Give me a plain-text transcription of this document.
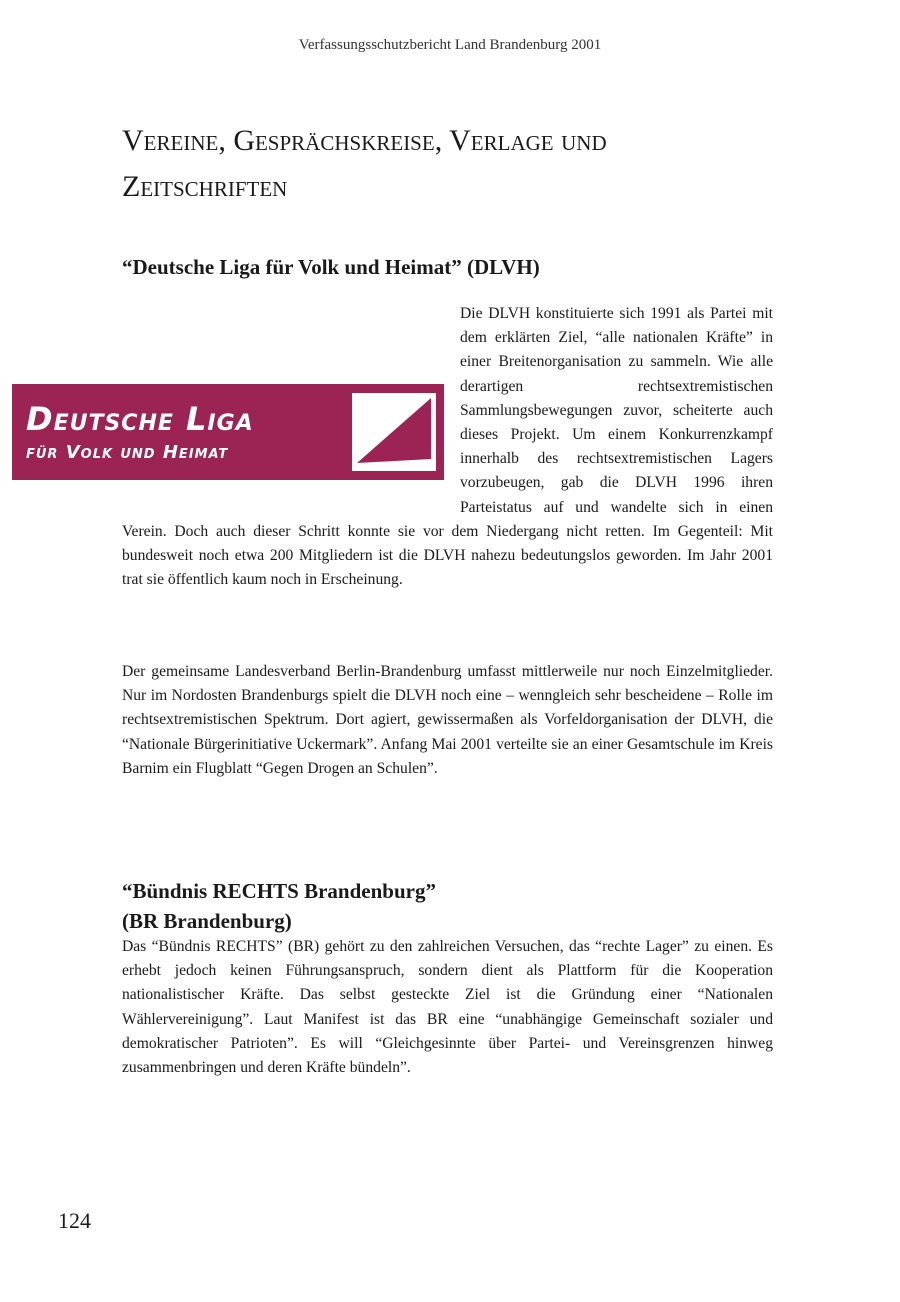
Verfassungsschutzbericht Land Brandenburg 2001
Vereine, Gesprächskreise, Verlage und
Zeitschriften
“Deutsche Liga für Volk und Heimat” (DLVH)
Die DLVH konstituierte sich 1991 als Partei mit dem erklärten Ziel, “alle nationalen Kräfte” in einer Breitenorganisation zu sammeln. Wie alle derartigen rechtsextremistischen Sammlungsbewegungen zuvor, scheiterte auch dieses Projekt. Um einem Konkurrenzkampf innerhalb des rechtsextremistischen Lagers vorzubeugen, gab die DLVH 1996 ihren Parteistatus auf und wandelte sich in einen Verein. Doch auch dieser Schritt konnte sie vor dem Niedergang nicht retten. Im Gegenteil: Mit bundesweit noch etwa 200 Mitgliedern ist die DLVH nahezu bedeutungslos geworden. Im Jahr 2001 trat sie öffentlich kaum noch in Erscheinung.
Deutsche Liga
für Volk und Heimat

Der gemeinsame Landesverband Berlin-Brandenburg umfasst mittlerweile nur noch Einzelmitglieder. Nur im Nordosten Brandenburgs spielt die DLVH noch eine – wenngleich sehr bescheidene – Rolle im rechtsextremistischen Spektrum. Dort agiert, gewissermaßen als Vorfeldorganisation der DLVH, die “Nationale Bürgerinitiative Uckermark”. Anfang Mai 2001 verteilte sie an einer Gesamtschule im Kreis Barnim ein Flugblatt “Gegen Drogen an Schulen”.

“Bündnis RECHTS Brandenburg”
(BR Brandenburg)

Das “Bündnis RECHTS” (BR) gehört zu den zahlreichen Versuchen, das “rechte Lager” zu einen. Es erhebt jedoch keinen Führungsanspruch, sondern dient als Plattform für die Kooperation nationalistischer Kräfte. Das selbst gesteckte Ziel ist die Gründung einer “Nationalen Wählervereinigung”. Laut Manifest ist das BR eine “unabhängige Gemeinschaft sozialer und demokratischer Patrioten”. Es will “Gleichgesinnte über Partei- und Vereinsgrenzen hinweg zusammenbringen und deren Kräfte bündeln”.

124
